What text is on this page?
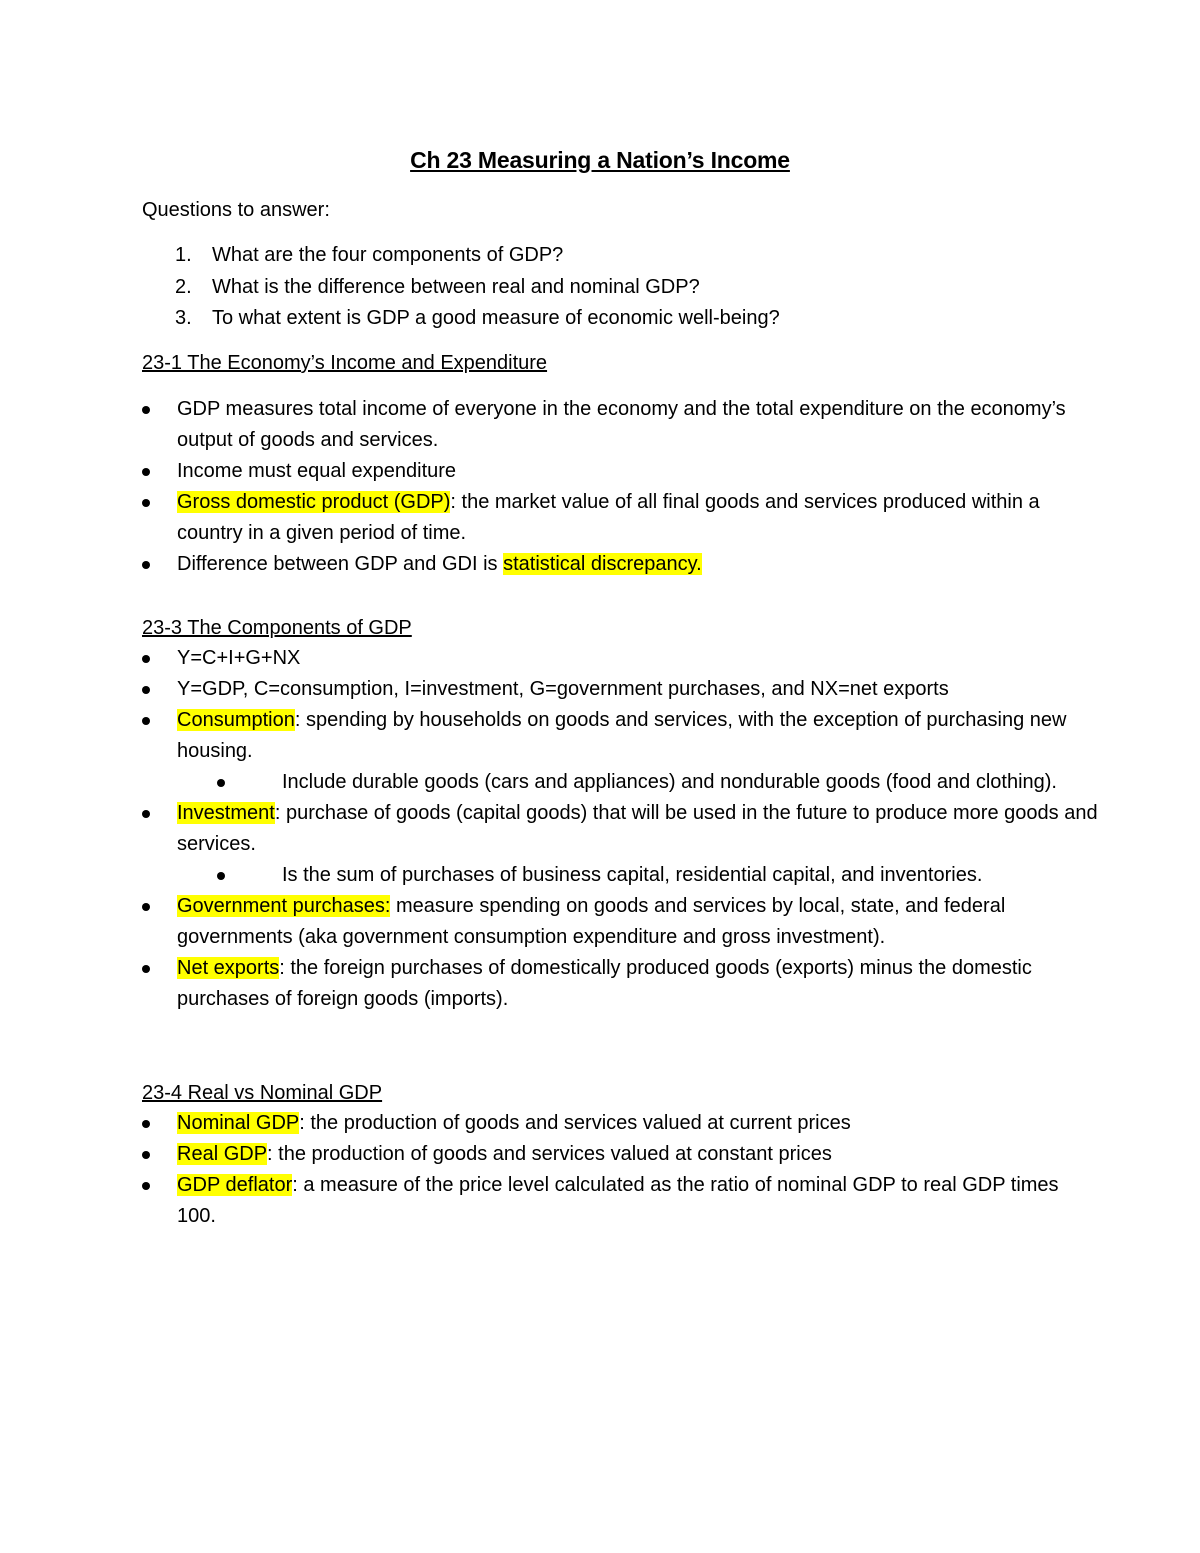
Ch 23 Measuring a Nation’s Income
Questions to answer:
1. What are the four components of GDP?
2. What is the difference between real and nominal GDP?
3. To what extent is GDP a good measure of economic well-being?
23-1 The Economy’s Income and Expenditure
GDP measures total income of everyone in the economy and the total expenditure on the economy’s output of goods and services.
Income must equal expenditure
Gross domestic product (GDP): the market value of all final goods and services produced within a country in a given period of time.
Difference between GDP and GDI is statistical discrepancy.
23-3 The Components of GDP
Y=C+I+G+NX
Y=GDP, C=consumption, I=investment, G=government purchases, and NX=net exports
Consumption: spending by households on goods and services, with the exception of purchasing new housing.
Include durable goods (cars and appliances) and nondurable goods (food and clothing).
Investment: purchase of goods (capital goods) that will be used in the future to produce more goods and services.
Is the sum of purchases of business capital, residential capital, and inventories.
Government purchases: measure spending on goods and services by local, state, and federal governments (aka government consumption expenditure and gross investment).
Net exports: the foreign purchases of domestically produced goods (exports) minus the domestic purchases of foreign goods (imports).
23-4 Real vs Nominal GDP
Nominal GDP: the production of goods and services valued at current prices
Real GDP: the production of goods and services valued at constant prices
GDP deflator: a measure of the price level calculated as the ratio of nominal GDP to real GDP times 100.
